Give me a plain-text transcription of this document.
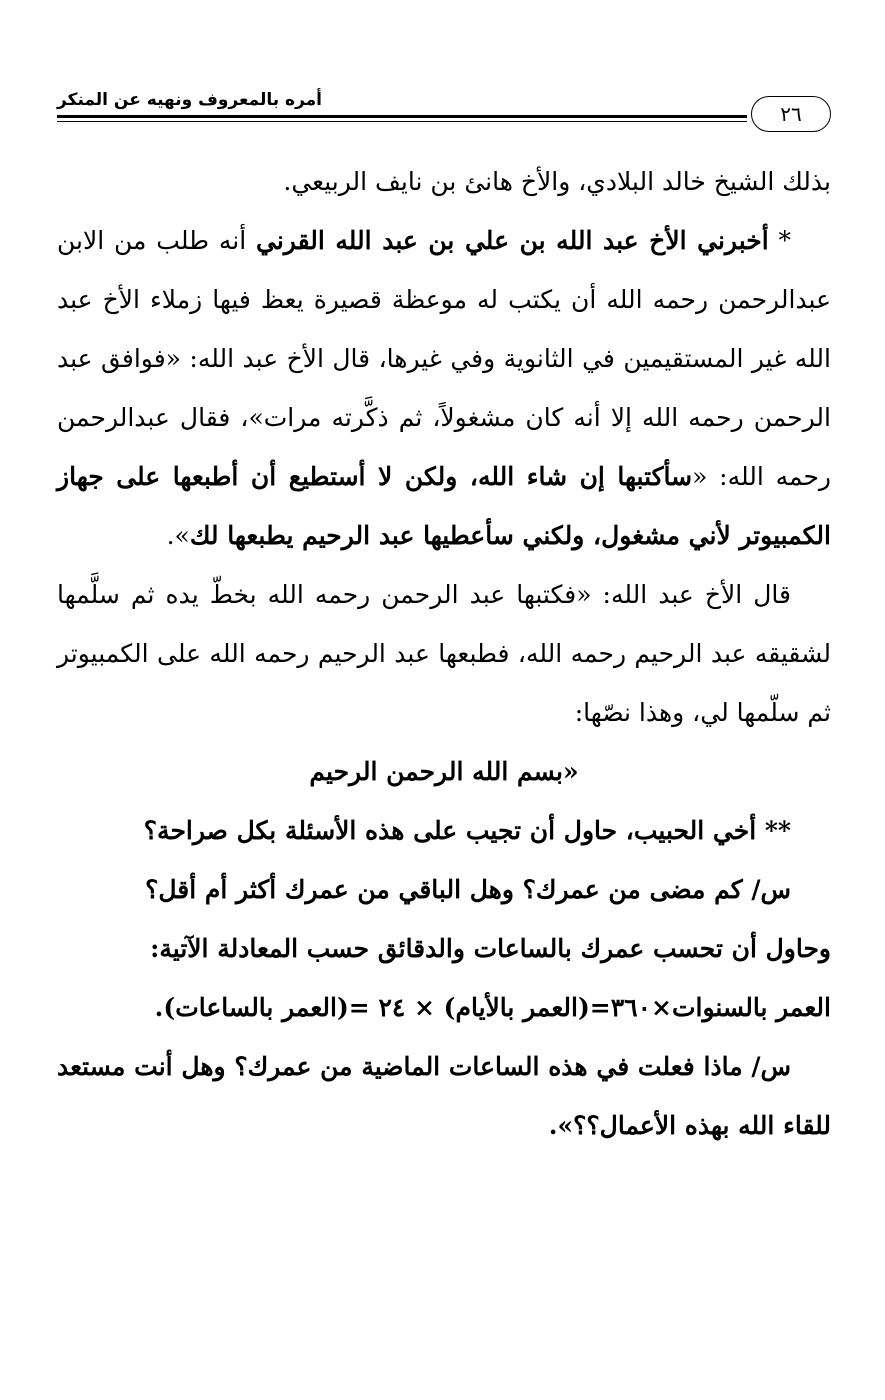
أمره بالمعروف ونهيه عن المنكر
٢٦

بذلك الشيخ خالد البلادي، والأخ هانئ بن نايف الربيعي.

* أخبرني الأخ عبد الله بن علي بن عبد الله القرني أنه طلب من الابن عبدالرحمن رحمه الله أن يكتب له موعظة قصيرة يعظ فيها زملاء الأخ عبد الله غير المستقيمين في الثانوية وفي غيرها، قال الأخ عبد الله: «فوافق عبد الرحمن رحمه الله إلا أنه كان مشغولاً، ثم ذكَّرته مرات»، فقال عبدالرحمن رحمه الله: «سأكتبها إن شاء الله، ولكن لا أستطيع أن أطبعها على جهاز الكمبيوتر لأني مشغول، ولكني سأعطيها عبد الرحيم يطبعها لك».

قال الأخ عبد الله: «فكتبها عبد الرحمن رحمه الله بخطّ يده ثم سلَّمها لشقيقه عبد الرحيم رحمه الله، فطبعها عبد الرحيم رحمه الله على الكمبيوتر ثم سلّمها لي، وهذا نصّها:

«بسم الله الرحمن الرحيم

** أخي الحبيب، حاول أن تجيب على هذه الأسئلة بكل صراحة؟

س/ كم مضى من عمرك؟ وهل الباقي من عمرك أكثر أم أقل؟

وحاول أن تحسب عمرك بالساعات والدقائق حسب المعادلة الآتية:

العمر بالسنوات×٣٦٠=(العمر بالأيام) × ٢٤ =(العمر بالساعات).

س/ ماذا فعلت في هذه الساعات الماضية من عمرك؟ وهل أنت مستعد للقاء الله بهذه الأعمال؟؟».
